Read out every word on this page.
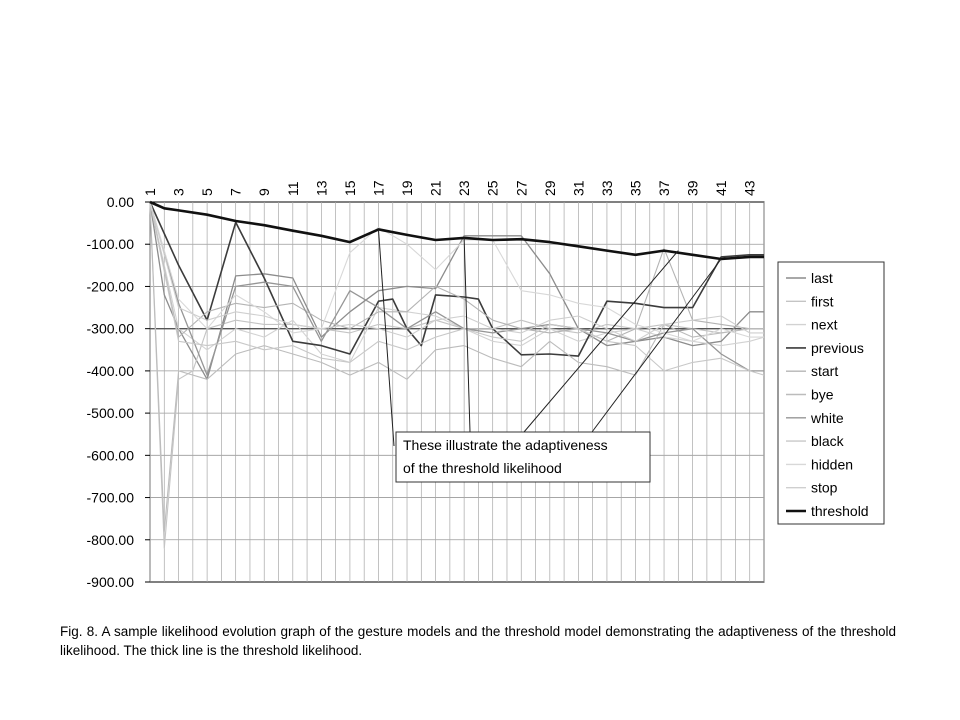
0.00
-100.00
-200.00
-300.00
-400.00
-500.00
-600.00
-700.00
-800.00
-900.00
1 3 5 7 9 11 13 15 17 19 21 23 25 27 29 31 33 35 37 39 41 43
These illustrate the adaptiveness
of the threshold likelihood
last
first
next
previous
start
bye
white
black
hidden
stop
threshold
Fig. 8. A sample likelihood evolution graph of the gesture models and the threshold model demonstrating the adaptiveness of the threshold likelihood. The thick line is the threshold likelihood.
